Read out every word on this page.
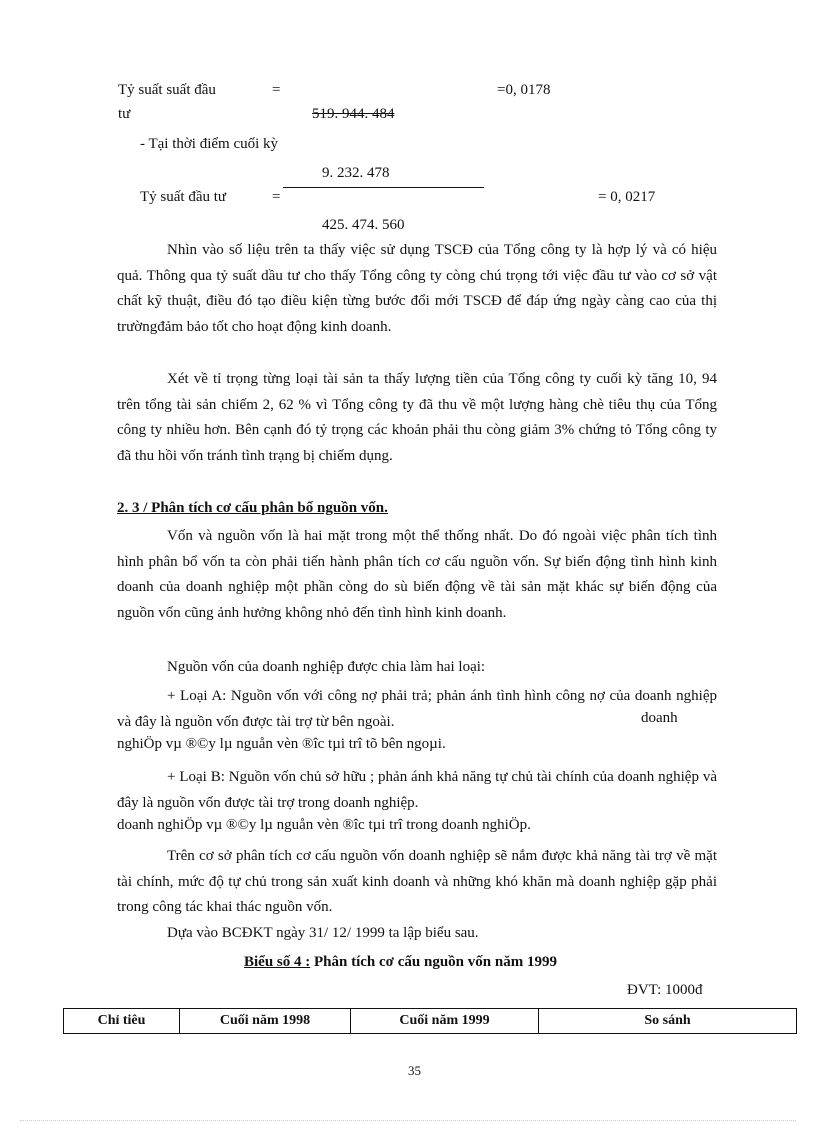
Tỷ suất suất đầu
tư
=
519. 944. 484
=0, 0178
- Tại thời điểm cuối kỳ
9. 232. 478
Tỷ suất đầu tư	=	= 0, 0217
425. 474. 560
Nhìn vào số liệu trên ta thấy việc sử dụng TSCĐ của Tổng công ty là hợp lý và có hiệu quả. Thông qua tỷ suất dầu tư cho thấy Tổng công ty còng chú trọng tới việc đầu tư vào cơ sở vật chất kỹ thuật, điều đó tạo điều kiện từng bước đổi mới TSCĐ để đáp ứng ngày càng cao của thị trườngđảm bảo tốt cho hoạt động kinh doanh.
Xét về tỉ trọng từng loại tài sản ta thấy lượng tiền của Tổng công ty cuối kỳ tăng 10, 94 trên tổng tài sản chiếm 2, 62 % vì Tổng công ty đã thu về một lượng hàng chè tiêu thụ của Tổng công ty nhiều hơn. Bên cạnh đó tỷ trọng các khoản phải thu còng giảm 3% chứng tỏ Tổng công ty đã thu hồi vốn tránh tình trạng bị chiếm dụng.
2. 3 / Phân tích cơ cấu phân bổ nguồn vốn.
Vốn và nguồn vốn là hai mặt trong một thể thống nhất. Do đó ngoài việc phân tích tình hình phân bổ vốn ta còn phải tiến hành phân tích cơ cấu nguồn vốn. Sự biến động tình hình kinh doanh của doanh nghiệp một phần còng do sù biến động về tài sản mặt khác sự biến động của nguồn vốn cũng ảnh hưởng không nhỏ đến tình hình kinh doanh.
Nguồn vốn của doanh nghiệp được chia làm hai loại:
+ Loại A: Nguồn vốn với công nợ phải trả; phản ánh tình hình công nợ của doanh nghiệp và đây là nguồn vốn được tài trợ từ bên ngoài.	doanh
nghiÖp vµ ®©y lµ nguån vèn ®îc tµi trî tõ bên ngoµi.
+ Loại B: Nguồn vốn chủ sở hữu ; phản ánh khả năng tự chủ tài chính của doanh nghiệp và đây là nguồn vốn được tài trợ trong doanh nghiệp.
doanh nghiÖp vµ ®©y lµ nguån vèn ®îc tµi trî trong doanh nghiÖp.
Trên cơ sở phân tích cơ cấu nguồn vốn doanh nghiệp sẽ nắm được khả năng tài trợ về mặt tài chính, mức độ tự chủ trong sản xuất kinh doanh và những khó khăn mà doanh nghiệp gặp phải trong công tác khai thác nguồn vốn.
Dựa vào BCĐKT ngày 31/ 12/ 1999 ta lập biểu sau.
Biểu số 4 : Phân tích cơ cấu nguồn vốn năm 1999
ĐVT: 1000đ
Chỉ tiêu	Cuối năm 1998	Cuối năm 1999	So sánh
35
